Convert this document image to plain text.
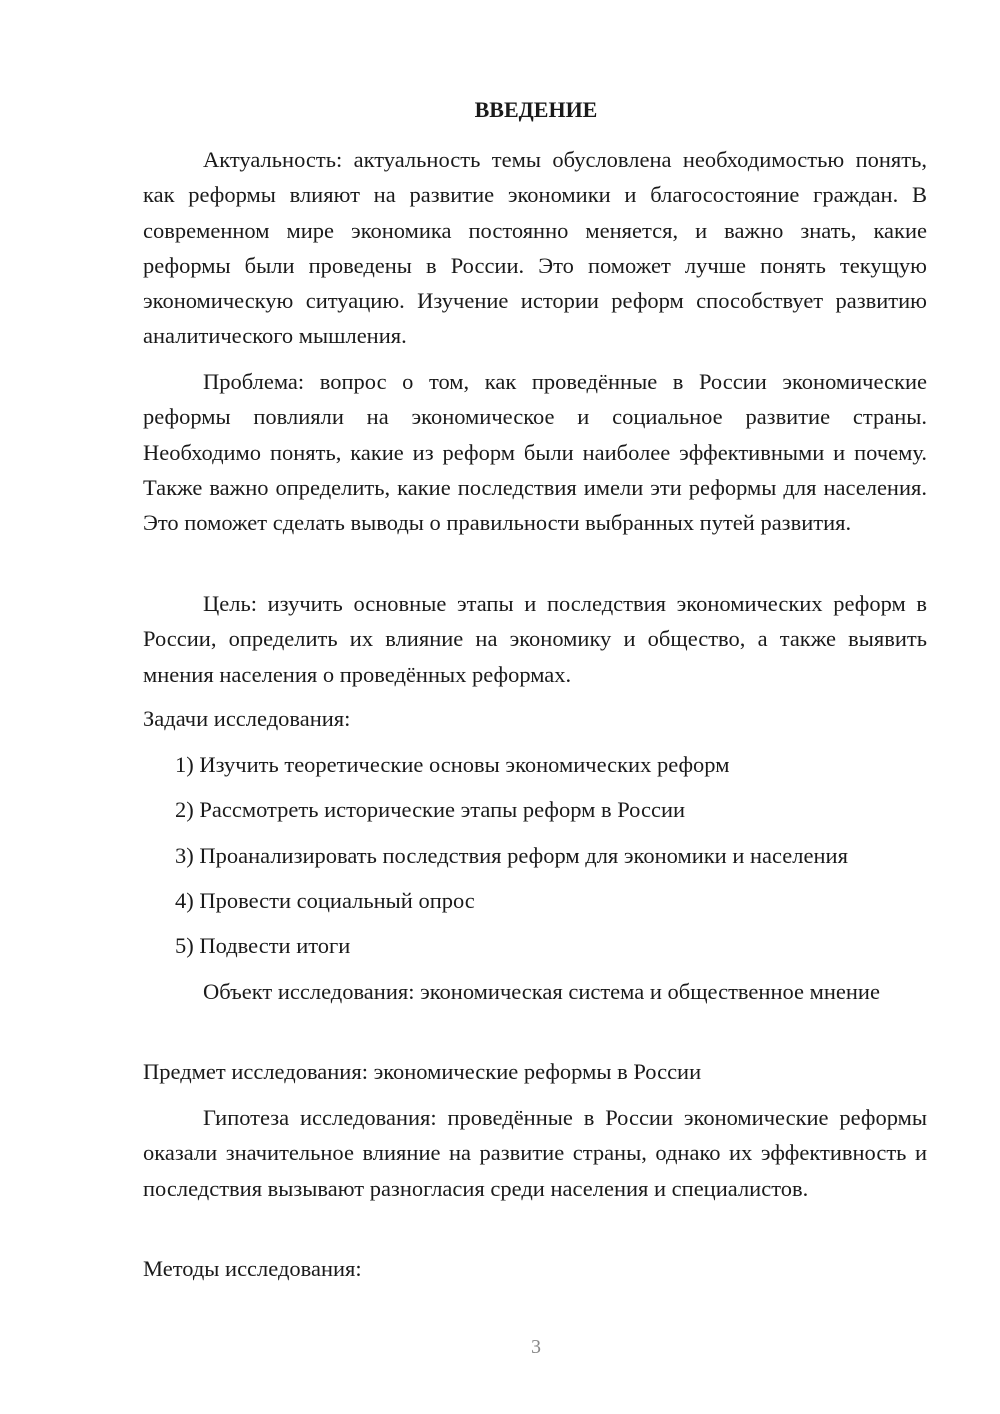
ВВЕДЕНИЕ

Актуальность: актуальность темы обусловлена необходимостью понять, как реформы влияют на развитие экономики и благосостояние граждан. В современном мире экономика постоянно меняется, и важно знать, какие реформы были проведены в России. Это поможет лучше понять текущую экономическую ситуацию. Изучение истории реформ способствует развитию аналитического мышления.

Проблема: вопрос о том, как проведённые в России экономические реформы повлияли на экономическое и социальное развитие страны. Необходимо понять, какие из реформ были наиболее эффективными и почему. Также важно определить, какие последствия имели эти реформы для населения. Это поможет сделать выводы о правильности выбранных путей развития.

Цель: изучить основные этапы и последствия экономических реформ в России, определить их влияние на экономику и общество, а также выявить мнения населения о проведённых реформах.

Задачи исследования:

1) Изучить теоретические основы экономических реформ

2) Рассмотреть исторические этапы реформ в России

3) Проанализировать последствия реформ для экономики и населения

4) Провести социальный опрос

5) Подвести итоги

Объект исследования: экономическая система и общественное мнение

Предмет исследования: экономические реформы в России

Гипотеза исследования: проведённые в России экономические реформы оказали значительное влияние на развитие страны, однако их эффективность и последствия вызывают разногласия среди населения и специалистов.

Методы исследования:

3
